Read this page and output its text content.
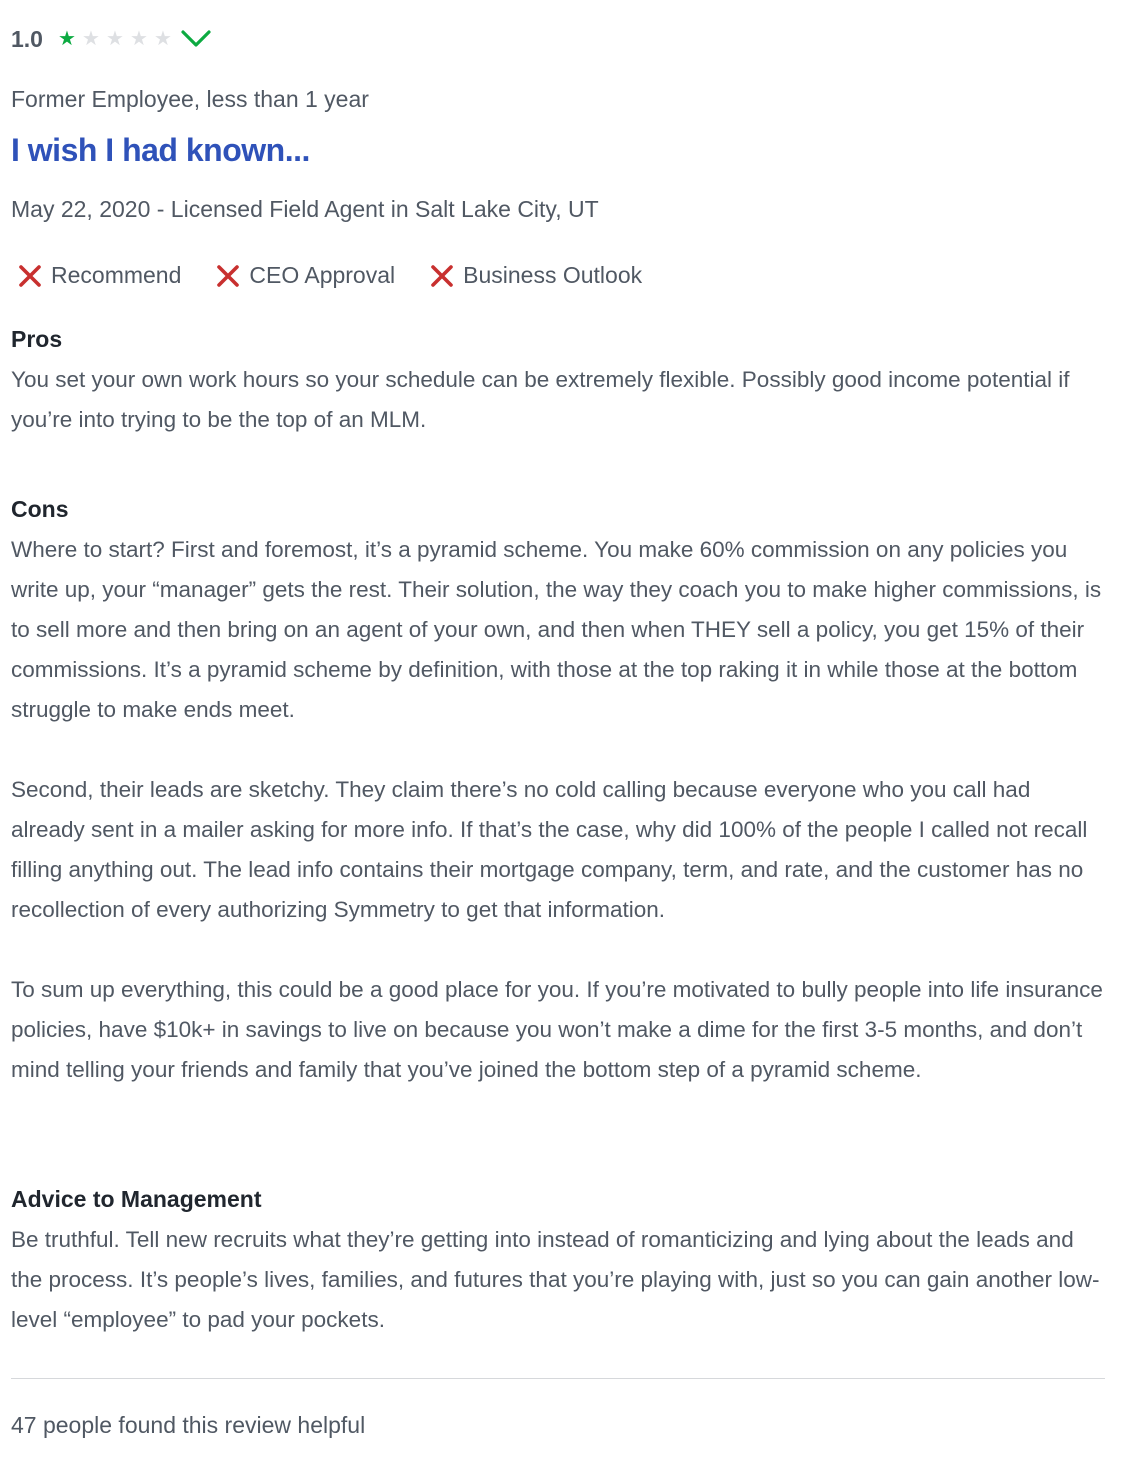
1.0 ★ ★ ★ ★ ★
Former Employee, less than 1 year
I wish I had known...
May 22, 2020 - Licensed Field Agent in Salt Lake City, UT
Recommend	CEO Approval	Business Outlook
Pros
You set your own work hours so your schedule can be extremely flexible. Possibly good income potential if you’re into trying to be the top of an MLM.
Cons
Where to start? First and foremost, it’s a pyramid scheme. You make 60% commission on any policies you write up, your “manager” gets the rest. Their solution, the way they coach you to make higher commissions, is to sell more and then bring on an agent of your own, and then when THEY sell a policy, you get 15% of their commissions. It’s a pyramid scheme by definition, with those at the top raking it in while those at the bottom struggle to make ends meet.

Second, their leads are sketchy. They claim there’s no cold calling because everyone who you call had already sent in a mailer asking for more info. If that’s the case, why did 100% of the people I called not recall filling anything out. The lead info contains their mortgage company, term, and rate, and the customer has no recollection of every authorizing Symmetry to get that information.

To sum up everything, this could be a good place for you. If you’re motivated to bully people into life insurance policies, have $10k+ in savings to live on because you won’t make a dime for the first 3-5 months, and don’t mind telling your friends and family that you’ve joined the bottom step of a pyramid scheme.
Advice to Management
Be truthful. Tell new recruits what they’re getting into instead of romanticizing and lying about the leads and the process. It’s people’s lives, families, and futures that you’re playing with, just so you can gain another low-level “employee” to pad your pockets.
47 people found this review helpful
